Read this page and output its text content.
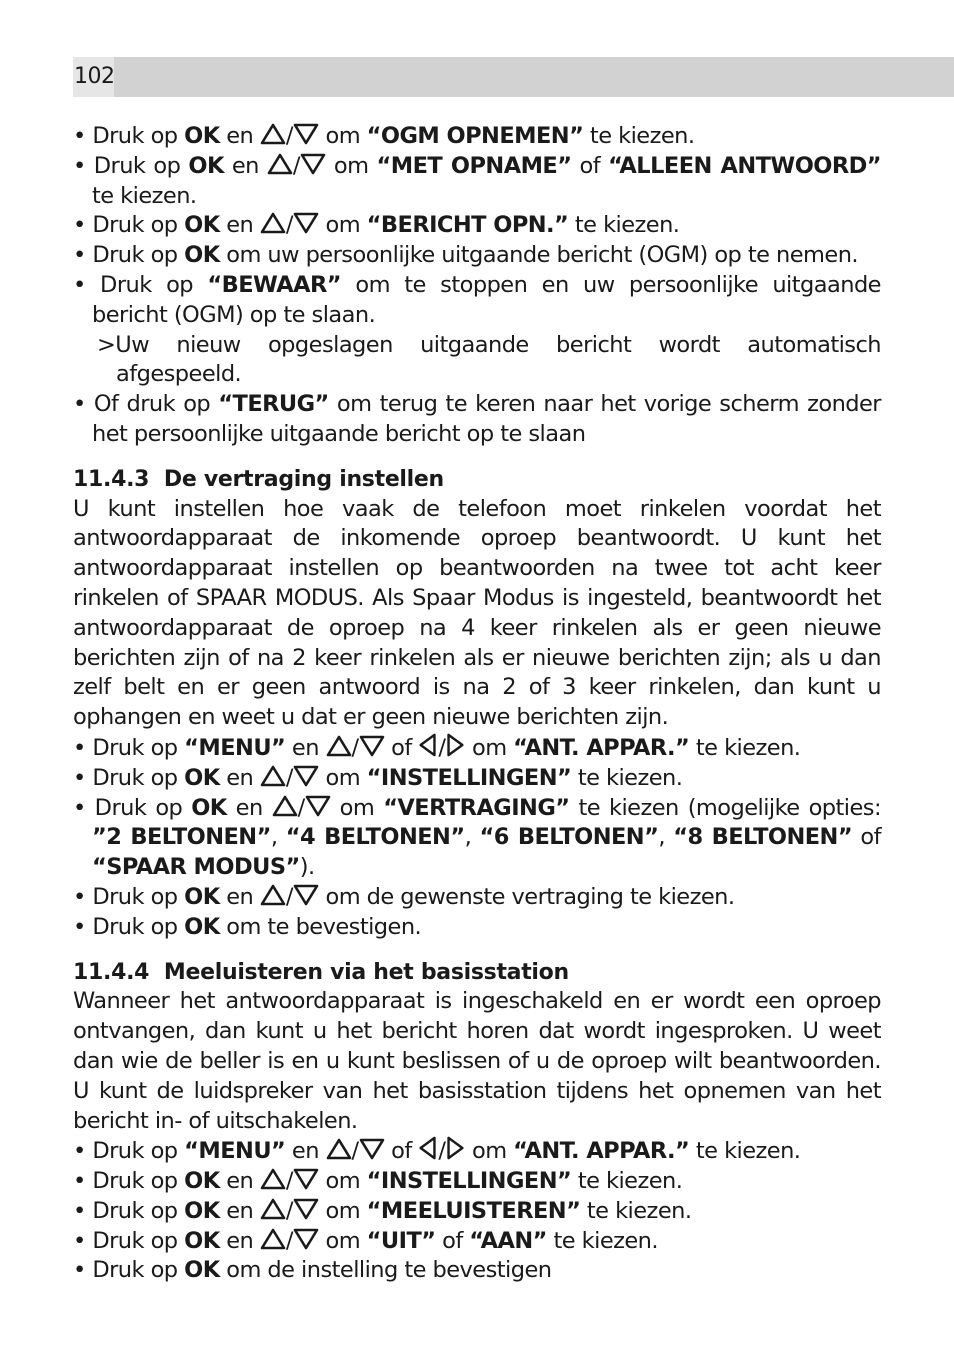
102
• Druk op OK en / om “OGM OPNEMEN” te kiezen.
• Druk op OK en / om “MET OPNAME” of “ALLEEN ANTWOORD” te kiezen.
• Druk op OK en / om “BERICHT OPN.” te kiezen.
• Druk op OK om uw persoonlijke uitgaande bericht (OGM) op te nemen.
• Druk op “BEWAAR” om te stoppen en uw persoonlijke uitgaande bericht (OGM) op te slaan.
>Uw nieuw opgeslagen uitgaande bericht wordt automatisch afgespeeld.
• Of druk op “TERUG” om terug te keren naar het vorige scherm zonder het persoonlijke uitgaande bericht op te slaan
11.4.3 De vertraging instellen
U kunt instellen hoe vaak de telefoon moet rinkelen voordat het antwoordapparaat de inkomende oproep beantwoordt. U kunt het antwoordapparaat instellen op beantwoorden na twee tot acht keer rinkelen of SPAAR MODUS. Als Spaar Modus is ingesteld, beantwoordt het antwoordapparaat de oproep na 4 keer rinkelen als er geen nieuwe berichten zijn of na 2 keer rinkelen als er nieuwe berichten zijn; als u dan zelf belt en er geen antwoord is na 2 of 3 keer rinkelen, dan kunt u ophangen en weet u dat er geen nieuwe berichten zijn.
• Druk op “MENU” en / of / om “ANT. APPAR.” te kiezen.
• Druk op OK en / om “INSTELLINGEN” te kiezen.
• Druk op OK en / om “VERTRAGING” te kiezen (mogelijke opties: ”2 BELTONEN”, “4 BELTONEN”, “6 BELTONEN”, “8 BELTONEN” of “SPAAR MODUS”).
• Druk op OK en / om de gewenste vertraging te kiezen.
• Druk op OK om te bevestigen.
11.4.4 Meeluisteren via het basisstation
Wanneer het antwoordapparaat is ingeschakeld en er wordt een oproep ontvangen, dan kunt u het bericht horen dat wordt ingesproken. U weet dan wie de beller is en u kunt beslissen of u de oproep wilt beantwoorden. U kunt de luidspreker van het basisstation tijdens het opnemen van het bericht in- of uitschakelen.
• Druk op “MENU” en / of / om “ANT. APPAR.” te kiezen.
• Druk op OK en / om “INSTELLINGEN” te kiezen.
• Druk op OK en / om “MEELUISTEREN” te kiezen.
• Druk op OK en / om “UIT” of “AAN” te kiezen.
• Druk op OK om de instelling te bevestigen
